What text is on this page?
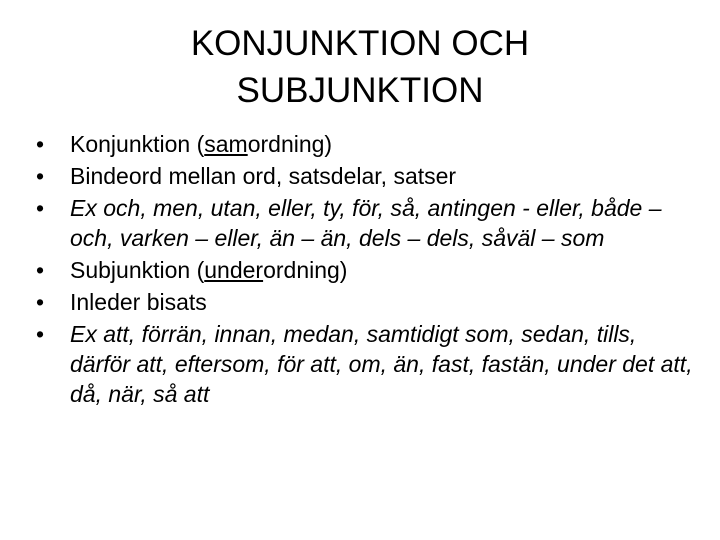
KONJUNKTION OCH
SUBJUNKTION
•	Konjunktion (samordning)
•	Bindeord mellan ord, satsdelar, satser
•	Ex och, men, utan, eller, ty, för, så, antingen - eller, både – och, varken – eller, än – än, dels – dels, såväl – som
•	Subjunktion (underordning)
•	Inleder bisats
•	Ex att, förrän, innan, medan, samtidigt som, sedan, tills, därför att, eftersom, för att, om, än, fast, fastän, under det att, då, när, så att
